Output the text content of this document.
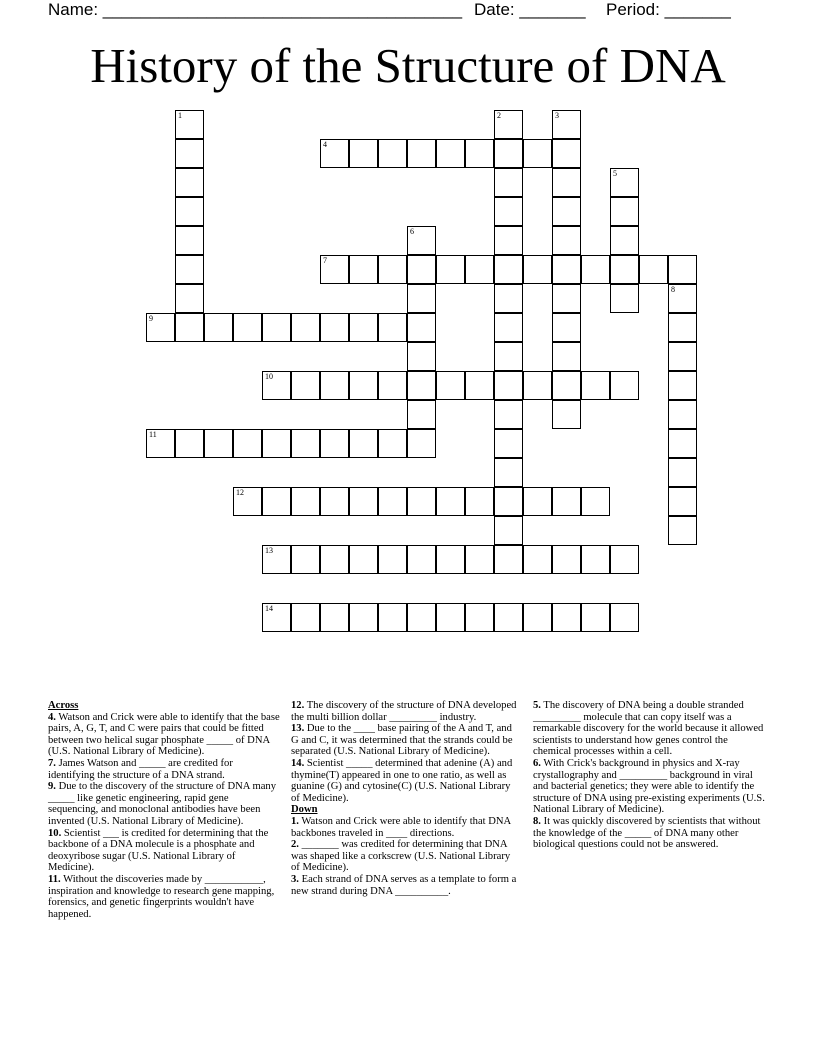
Name: ______________________________________ Date: _______ Period: _______
History of the Structure of DNA
4
7
9
10
11
12
13
14
1	2	3
5
6
8

Across

4. Watson and Crick were able to identify that the base pairs, A, G, T, and C were pairs that could be fitted between two helical sugar phosphate _____ of DNA (U.S. National Library of Medicine).

7. James Watson and _____ are credited for identifying the structure of a DNA strand.

9. Due to the discovery of the structure of DNA many _____ like genetic engineering, rapid gene sequencing, and monoclonal antibodies have been invented (U.S. National Library of Medicine).

10. Scientist ___ is credited for determining that the backbone of a DNA molecule is a phosphate and deoxyribose sugar (U.S. National Library of Medicine).

11. Without the discoveries made by ___________, inspiration and knowledge to research gene mapping, forensics, and genetic fingerprints wouldn't have happened.

12. The discovery of the structure of DNA developed the multi billion dollar _________ industry.

13. Due to the ____ base pairing of the A and T, and G and C, it was determined that the strands could be separated (U.S. National Library of Medicine).

14. Scientist _____ determined that adenine (A) and thymine(T) appeared in one to one ratio, as well as guanine (G) and cytosine(C) (U.S. National Library of Medicine).

Down

1. Watson and Crick were able to identify that DNA backbones traveled in ____ directions.

2. _______ was credited for determining that DNA was shaped like a corkscrew (U.S. National Library of Medicine).

3. Each strand of DNA serves as a template to form a new strand during DNA __________.

5. The discovery of DNA being a double stranded _________ molecule that can copy itself was a remarkable discovery for the world because it allowed scientists to understand how genes control the chemical processes within a cell.

6. With Crick's background in physics and X-ray crystallography and _________ background in viral and bacterial genetics; they were able to identify the structure of DNA using pre-existing experiments (U.S. National Library of Medicine).

8. It was quickly discovered by scientists that without the knowledge of the _____ of DNA many other biological questions could not be answered.
